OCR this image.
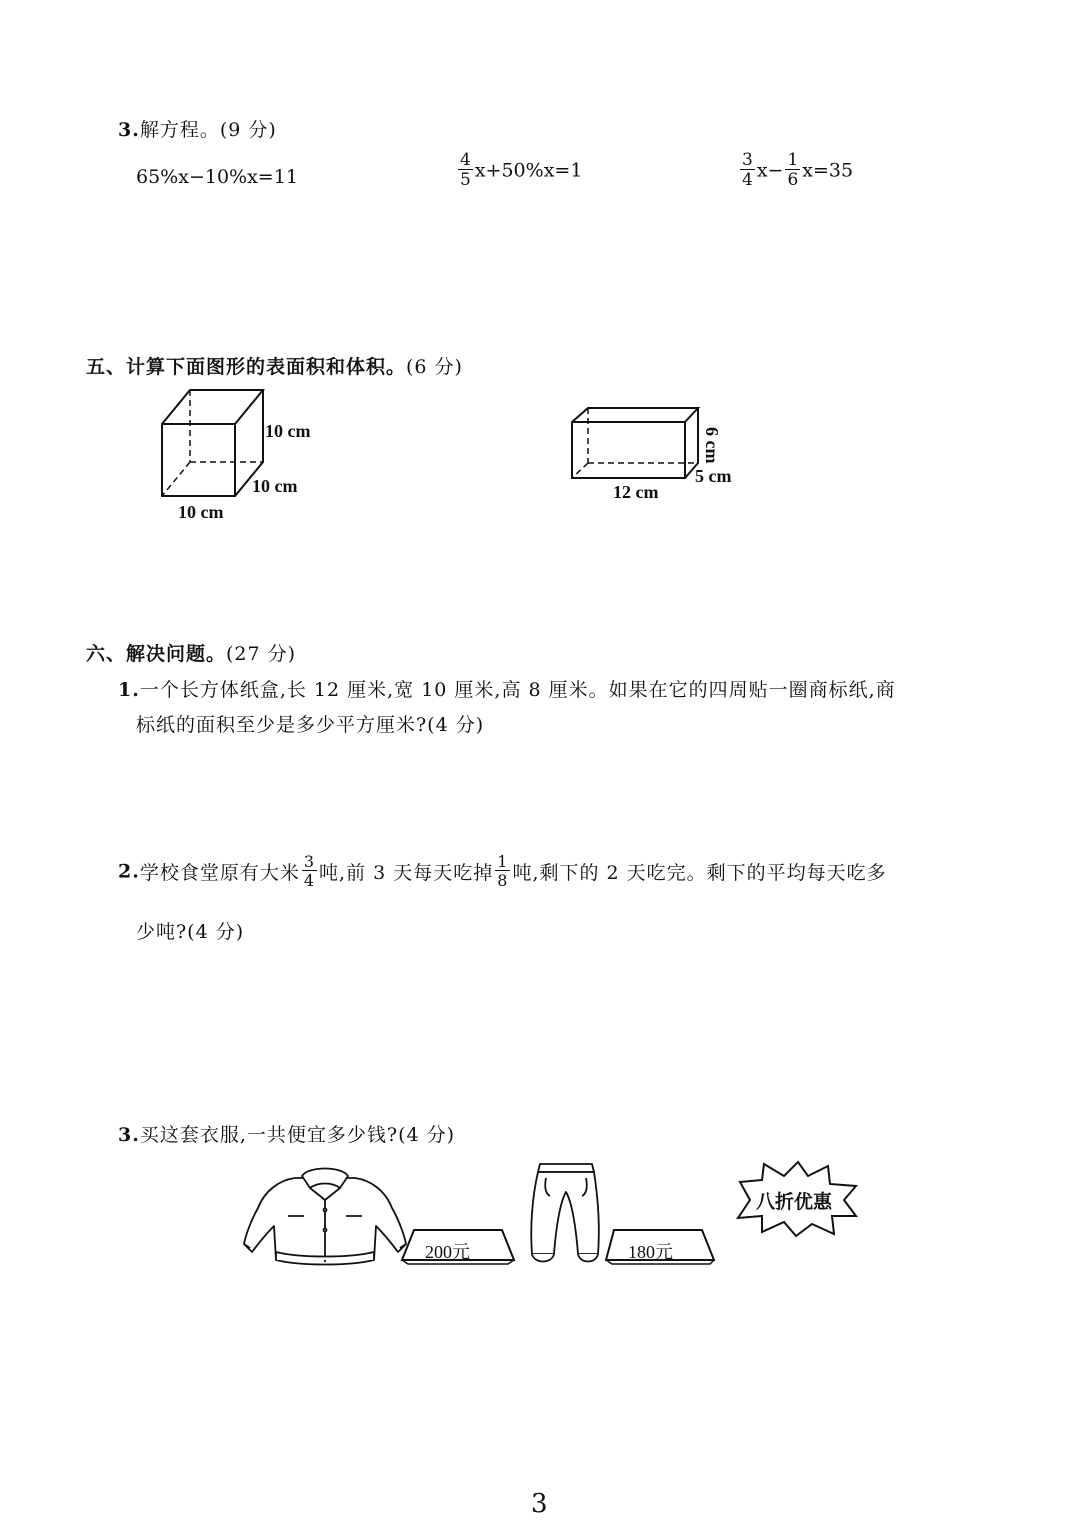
3.解方程。(9 分)
65%x−10%x=11	$\frac{4}{5} x+50\%x=1$	$\frac{3}{4} x- \frac{1}{6} x=35$
五、计算下面图形的表面积和体积。(6 分)
10 cm
10 cm
10 cm
6 cm
5 cm
12 cm
六、解决问题。(27 分)
1.一个长方体纸盒,长 12 厘米,宽 10 厘米,高 8 厘米。如果在它的四周贴一圈商标纸,商
标纸的面积至少是多少平方厘米?(4 分)
2.学校食堂原有大米 $\frac{3}{4}$ 吨,前 3 天每天吃掉 $\frac{1}{8}$ 吨,剩下的 2 天吃完。剩下的平均每天吃多
少吨?(4 分)
3.买这套衣服,一共便宜多少钱?(4 分)
200元	180元
八折优惠
3
